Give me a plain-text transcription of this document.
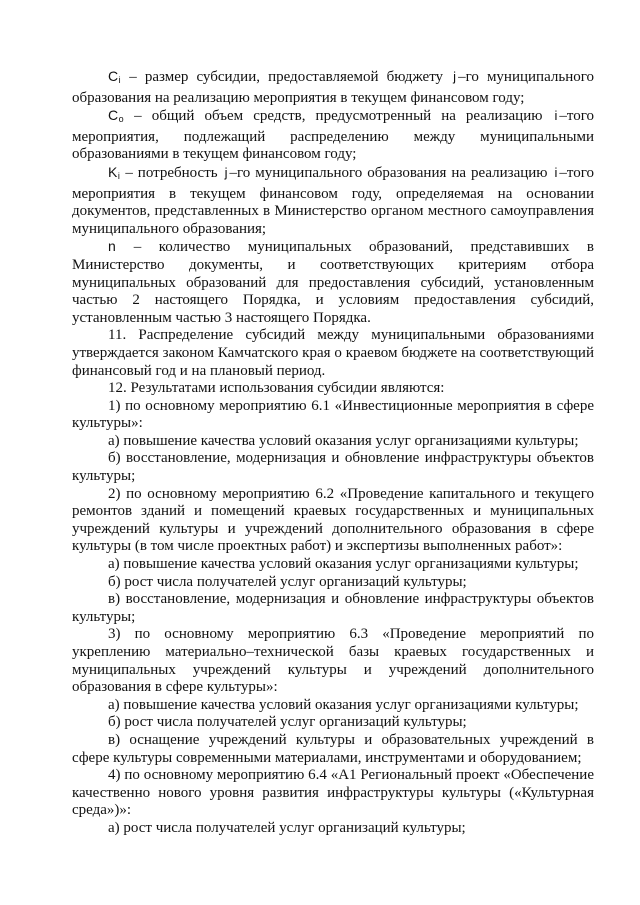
$C_i$ – размер субсидии, предоставляемой бюджету j –го муниципального образования на реализацию мероприятия в текущем финансовом году;

$C_o$ – общий объем средств, предусмотренный на реализацию i –того мероприятия, подлежащий распределению между муниципальными образованиями в текущем финансовом году;

$K_i$ – потребность j –го муниципального образования на реализацию i –того мероприятия в текущем финансовом году, определяемая на основании документов, представленных в Министерство органом местного самоуправления муниципального образования;

n – количество муниципальных образований, представивших в Министерство документы, и соответствующих критериям отбора муниципальных образований для предоставления субсидий, установленным частью 2 настоящего Порядка, и условиям предоставления субсидий, установленным частью 3 настоящего Порядка.

11. Распределение субсидий между муниципальными образованиями утверждается законом Камчатского края о краевом бюджете на соответствующий финансовый год и на плановый период.

12. Результатами использования субсидии являются:

1) по основному мероприятию 6.1 «Инвестиционные мероприятия в сфере культуры»:

а) повышение качества условий оказания услуг организациями культуры;

б) восстановление, модернизация и обновление инфраструктуры объектов культуры;

2) по основному мероприятию 6.2 «Проведение капитального и текущего ремонтов зданий и помещений краевых государственных и муниципальных учреждений культуры и учреждений дополнительного образования в сфере культуры (в том числе проектных работ) и экспертизы выполненных работ»:

а) повышение качества условий оказания услуг организациями культуры;

б) рост числа получателей услуг организаций культуры;

в) восстановление, модернизация и обновление инфраструктуры объектов культуры;

3) по основному мероприятию 6.3 «Проведение мероприятий по укреплению материально–технической базы краевых государственных и муниципальных учреждений культуры и учреждений дополнительного образования в сфере культуры»:

а) повышение качества условий оказания услуг организациями культуры;

б) рост числа получателей услуг организаций культуры;

в) оснащение учреждений культуры и образовательных учреждений в сфере культуры современными материалами, инструментами и оборудованием;

4) по основному мероприятию 6.4 «А1 Региональный проект «Обеспечение качественно нового уровня развития инфраструктуры культуры («Культурная среда»)»:

а) рост числа получателей услуг организаций культуры;
